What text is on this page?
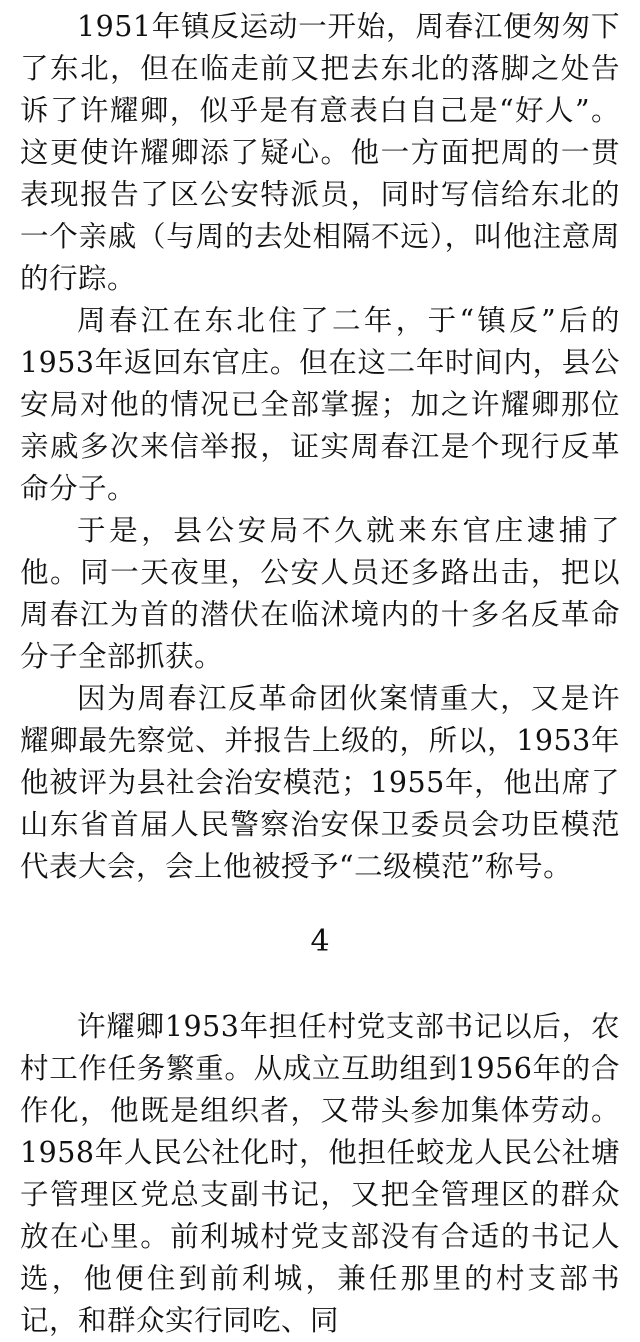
1951年镇反运动一开始，周春江便匆匆下了东北，但在临走前又把去东北的落脚之处告诉了许耀卿，似乎是有意表白自己是“好人”。这更使许耀卿添了疑心。他一方面把周的一贯表现报告了区公安特派员，同时写信给东北的一个亲戚（与周的去处相隔不远），叫他注意周的行踪。

周春江在东北住了二年，于“镇反”后的1953年返回东官庄。但在这二年时间内，县公安局对他的情况已全部掌握；加之许耀卿那位亲戚多次来信举报，证实周春江是个现行反革命分子。

于是，县公安局不久就来东官庄逮捕了他。同一天夜里，公安人员还多路出击，把以周春江为首的潜伏在临沭境内的十多名反革命分子全部抓获。

因为周春江反革命团伙案情重大，又是许耀卿最先察觉、并报告上级的，所以，1953年他被评为县社会治安模范；1955年，他出席了山东省首届人民警察治安保卫委员会功臣模范代表大会，会上他被授予“二级模范”称号。

4

许耀卿1953年担任村党支部书记以后，农村工作任务繁重。从成立互助组到1956年的合作化，他既是组织者，又带头参加集体劳动。1958年人民公社化时，他担任蛟龙人民公社塘子管理区党总支副书记，又把全管理区的群众放在心里。前利城村党支部没有合适的书记人选，他便住到前利城，兼任那里的村支部书记，和群众实行同吃、同
